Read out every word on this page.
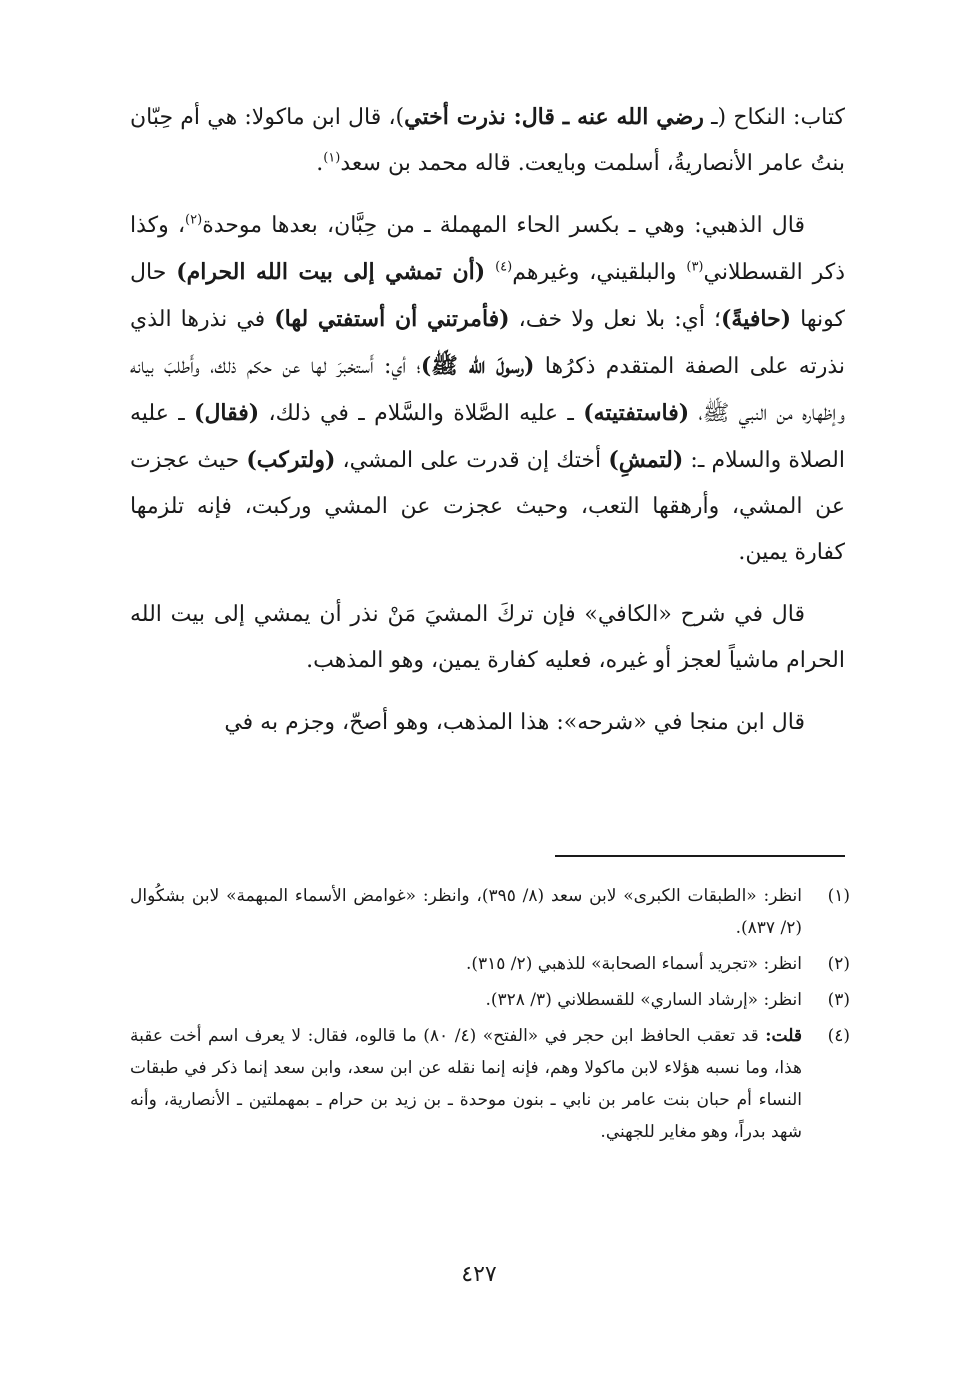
كتاب: النكاح (ـ رضي الله عنه ـ قال: نذرت أختي)، قال ابن ماكولا: هي أم حِبّان بنتُ عامر الأنصاريةُ، أسلمت وبايعت. قاله محمد بن سعد$^{(١)}$.

قال الذهبي: وهي ـ بكسر الحاء المهملة ـ من حِبَّان، بعدها موحدة$^{(٢)}$، وكذا ذكر القسطلاني$^{(٣)}$ والبلقيني، وغيرهم$^{(٤)}$ (أن تمشي إلى بيت الله الحرام) حال كونها (حافيةً)؛ أي: بلا نعل ولا خف، (فأمرتني أن أستفتي لها) في نذرها الذي نذرته على الصفة المتقدم ذكرُها (رسولَ الله ﷺ)؛ أي: أَستخبرَ لها عن حكم ذلك، وأَطلبَ بيانه وإظهاره من النبي ﷺ، (فاستفتيته) ـ عليه الصَّلاة والسَّلام ـ في ذلك، (فقال) ـ عليه الصلاة والسلام ـ: (لتمشِ) أختك إن قدرت على المشي، (ولتركب) حيث عجزت عن المشي، وأرهقها التعب، وحيث عجزت عن المشي وركبت، فإنه تلزمها كفارة يمين.

قال في شرح «الكافي» فإن تركَ المشيَ مَنْ نذر أن يمشي إلى بيت الله الحرام ماشياً لعجز أو غيره، فعليه كفارة يمين، وهو المذهب.

قال ابن منجا في «شرحه»: هذا المذهب، وهو أصحّ، وجزم به في

(١)
انظر: «الطبقات الكبرى» لابن سعد (٨/ ٣٩٥)، وانظر: «غوامض الأسماء المبهمة» لابن بشكُوال (٢/ ٨٣٧).
(٢)
انظر: «تجريد أسماء الصحابة» للذهبي (٢/ ٣١٥).
(٣)
انظر: «إرشاد الساري» للقسطلاني (٣/ ٣٢٨).
(٤)
قلت: قد تعقب الحافظ ابن حجر في «الفتح» (٤/ ٨٠) ما قالوه، فقال: لا يعرف اسم أخت عقبة هذا، وما نسبه هؤلاء لابن ماكولا وهم، فإنه إنما نقله عن ابن سعد، وابن سعد إنما ذكر في طبقات النساء أم حبان بنت عامر بن نابي ـ بنون موحدة ـ بن زيد بن حرام ـ بمهملتين ـ الأنصارية، وأنه شهد بدراً، وهو مغاير للجهني.
٤٢٧
